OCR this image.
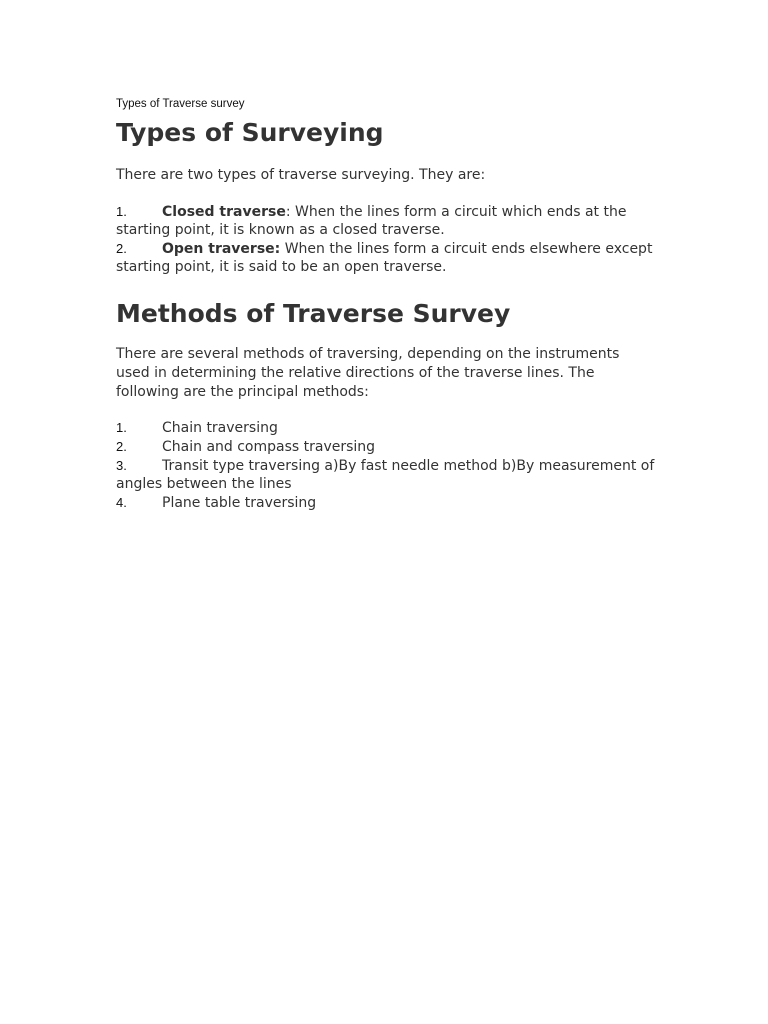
Types of Traverse survey

Types of Surveying

There are two types of traverse surveying. They are:

1.	Closed traverse: When the lines form a circuit which ends at the starting point, it is known as a closed traverse.

2.	Open traverse: When the lines form a circuit ends elsewhere except starting point, it is said to be an open traverse.

Methods of Traverse Survey

There are several methods of traversing, depending on the instruments used in determining the relative directions of the traverse lines. The following are the principal methods:

1.	Chain traversing

2.	Chain and compass traversing

3.	Transit type traversing a)By fast needle method b)By measurement of angles between the lines

4.	Plane table traversing
